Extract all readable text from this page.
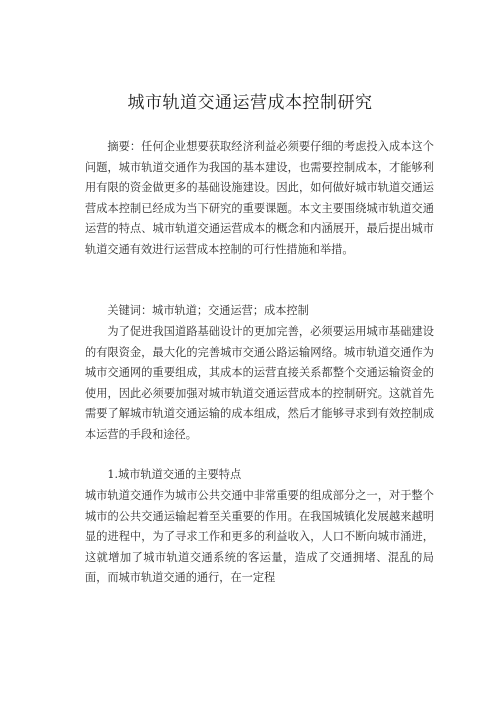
城市轨道交通运营成本控制研究
摘要：任何企业想要获取经济利益必须要仔细的考虑投入成本这个问题，城市轨道交通作为我国的基本建设，也需要控制成本，才能够利用有限的资金做更多的基础设施建设。因此，如何做好城市轨道交通运营成本控制已经成为当下研究的重要课题。本文主要围绕城市轨道交通运营的特点、城市轨道交通运营成本的概念和内涵展开，最后提出城市轨道交通有效进行运营成本控制的可行性措施和举措。
关键词：城市轨道；交通运营；成本控制
为了促进我国道路基础设计的更加完善，必须要运用城市基础建设的有限资金，最大化的完善城市交通公路运输网络。城市轨道交通作为城市交通网的重要组成，其成本的运营直接关系都整个交通运输资金的使用，因此必须要加强对城市轨道交通运营成本的控制研究。这就首先需要了解城市轨道交通运输的成本组成，然后才能够寻求到有效控制成本运营的手段和途径。
1.城市轨道交通的主要特点
城市轨道交通作为城市公共交通中非常重要的组成部分之一，对于整个城市的公共交通运输起着至关重要的作用。在我国城镇化发展越来越明显的进程中，为了寻求工作和更多的利益收入，人口不断向城市涌进，这就增加了城市轨道交通系统的客运量，造成了交通拥堵、混乱的局面，而城市轨道交通的通行，在一定程
